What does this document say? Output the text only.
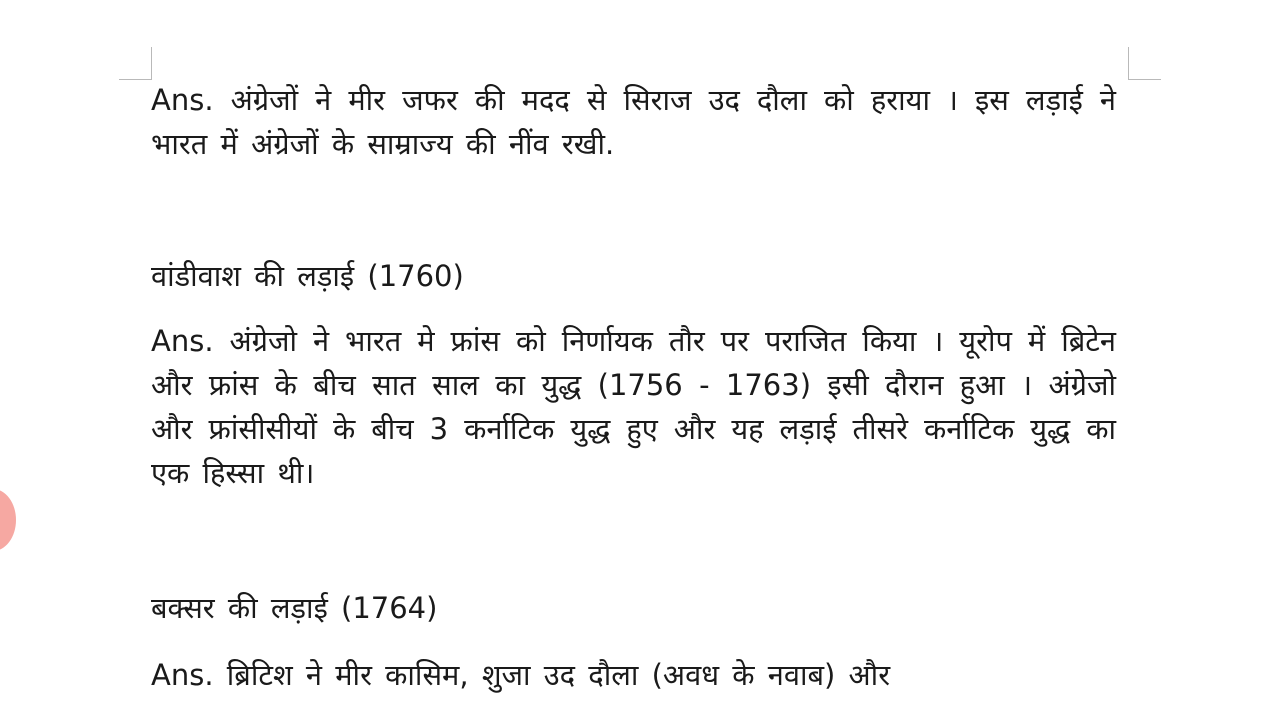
Ans. अंग्रेजों ने मीर जफर की मदद से सिराज उद दौला को हराया । इस लड़ाई ने भारत में अंग्रेजों के साम्राज्य की नींव रखी.

वांडीवाश की लड़ाई (1760)

Ans. अंग्रेजो ने भारत मे फ्रांस को निर्णायक तौर पर पराजित किया । यूरोप में ब्रिटेन और फ्रांस के बीच सात साल का युद्ध (1756 - 1763) इसी दौरान हुआ । अंग्रेजो और फ्रांसीसीयों के बीच 3 कर्नाटिक युद्ध हुए और यह लड़ाई तीसरे कर्नाटिक युद्ध का एक हिस्सा थी।

बक्सर की लड़ाई (1764)

Ans. ब्रिटिश ने मीर कासिम, शुजा उद दौला (अवध के नवाब) और
